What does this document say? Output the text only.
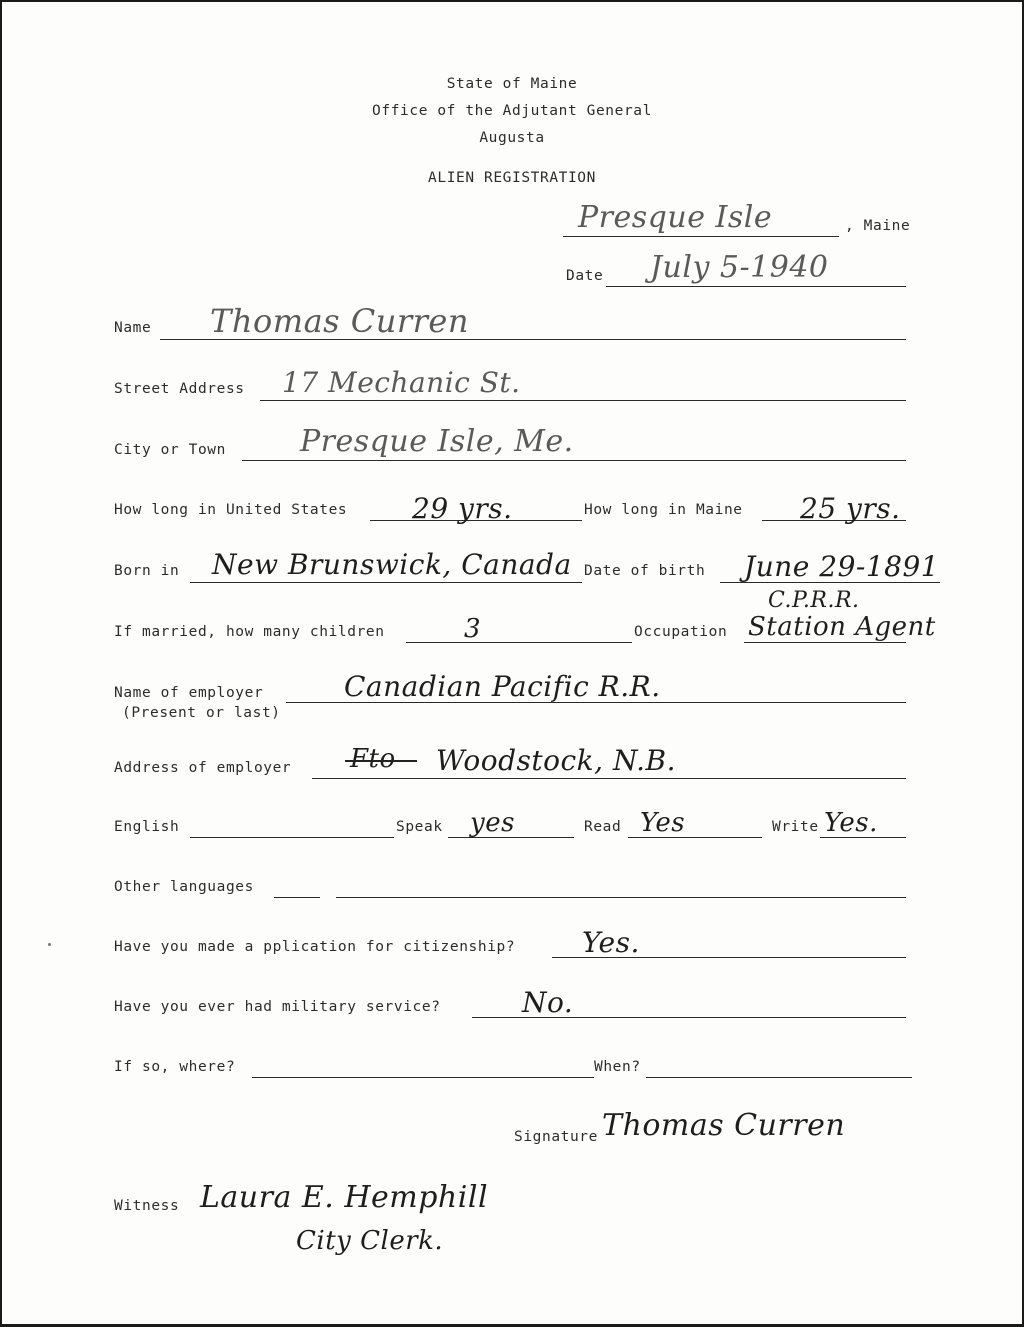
State of Maine
Office of the Adjutant General
Augusta
ALIEN REGISTRATION
Presque Isle	, Maine
Date July 5-1940
Name Thomas Curren
Street Address 17 Mechanic St.
City or Town Presque Isle, Me.
How long in United States 29 yrs.	How long in Maine 25 yrs.
Born in New Brunswick, Canada Date of birth June 29-1891
C.P.R.R.
If married, how many children	3	Occupation Station Agent
Name of employer
(Present or last)
Canadian Pacific R.R.
Address of employer Fto Woodstock, N.B.
English	Speak yes	Read Yes	Write Yes.
Other languages
Have you made a pplication for citizenship? Yes.
Have you ever had military service?	No.
If so, where?	When?
Signature Thomas Curren
Witness Laura E. Hemphill
City Clerk.
